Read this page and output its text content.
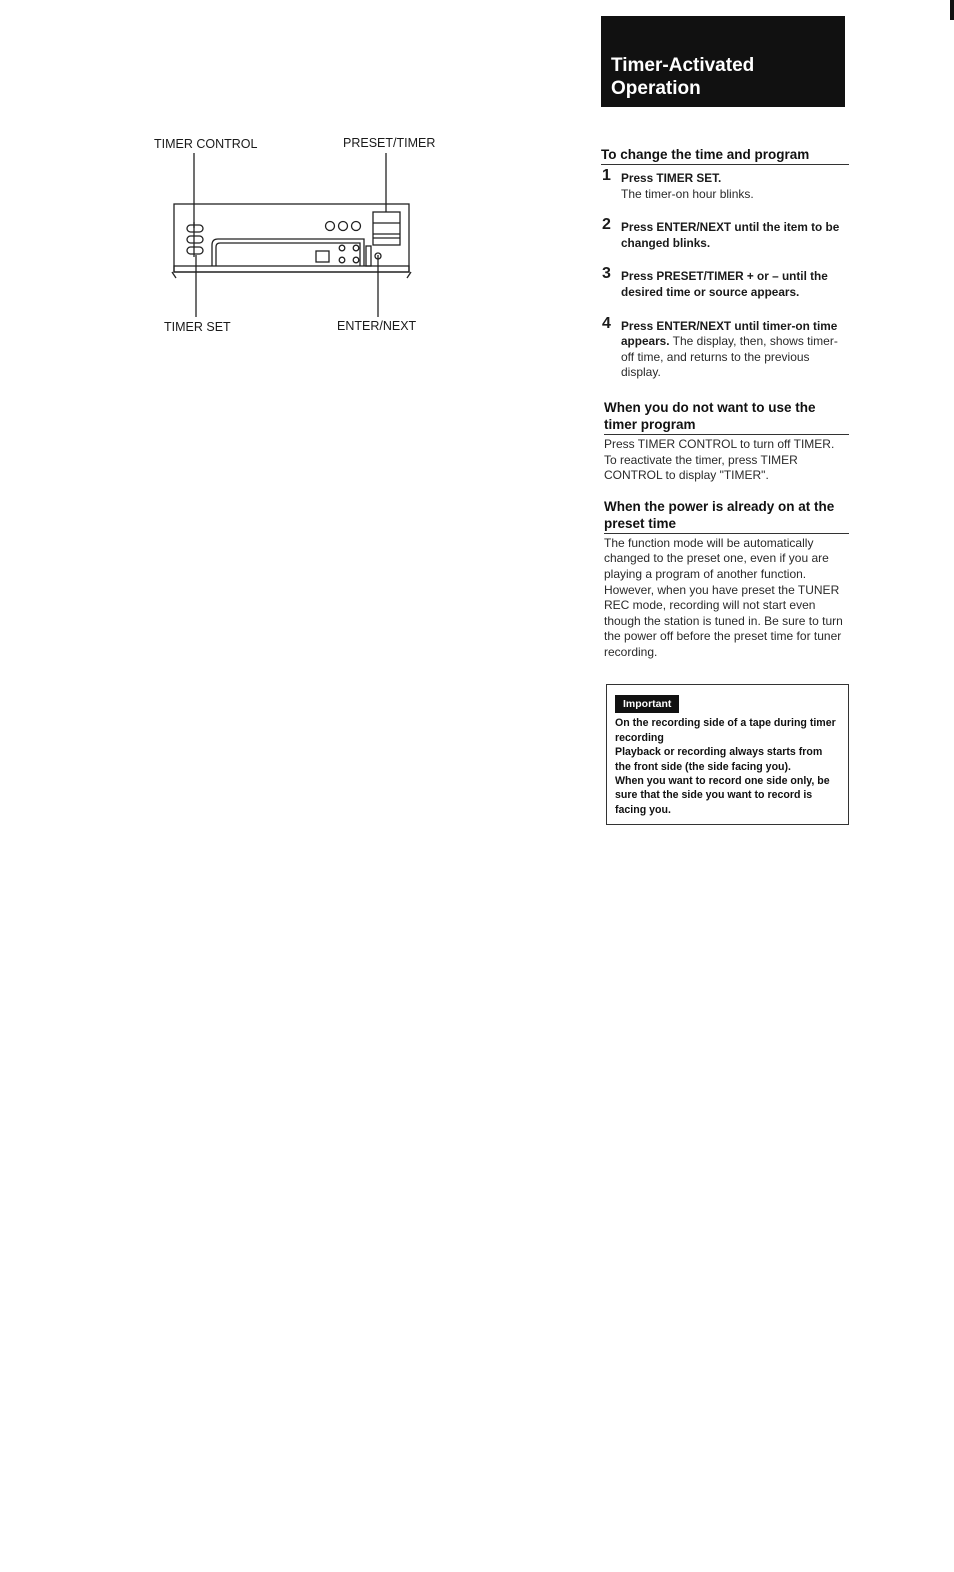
Timer-Activated
Operation
TIMER CONTROL	PRESET/TIMER
TIMER SET	ENTER/NEXT
To change the time and program
1 Press TIMER SET.
The timer-on hour blinks.
2 Press ENTER/NEXT until the item to be changed blinks.
3 Press PRESET/TIMER + or – until the desired time or source appears.
4 Press ENTER/NEXT until timer-on time appears. The display, then, shows timer-off time, and returns to the previous display.
When you do not want to use the timer program

Press TIMER CONTROL to turn off TIMER. To reactivate the timer, press TIMER CONTROL to display "TIMER".

When the power is already on at the preset time

The function mode will be automatically changed to the preset one, even if you are playing a program of another function. However, when you have preset the TUNER REC mode, recording will not start even though the station is tuned in. Be sure to turn the power off before the preset time for tuner recording.

Important

On the recording side of a tape during timer recording

Playback or recording always starts from the front side (the side facing you).

When you want to record one side only, be sure that the side you want to record is facing you.
